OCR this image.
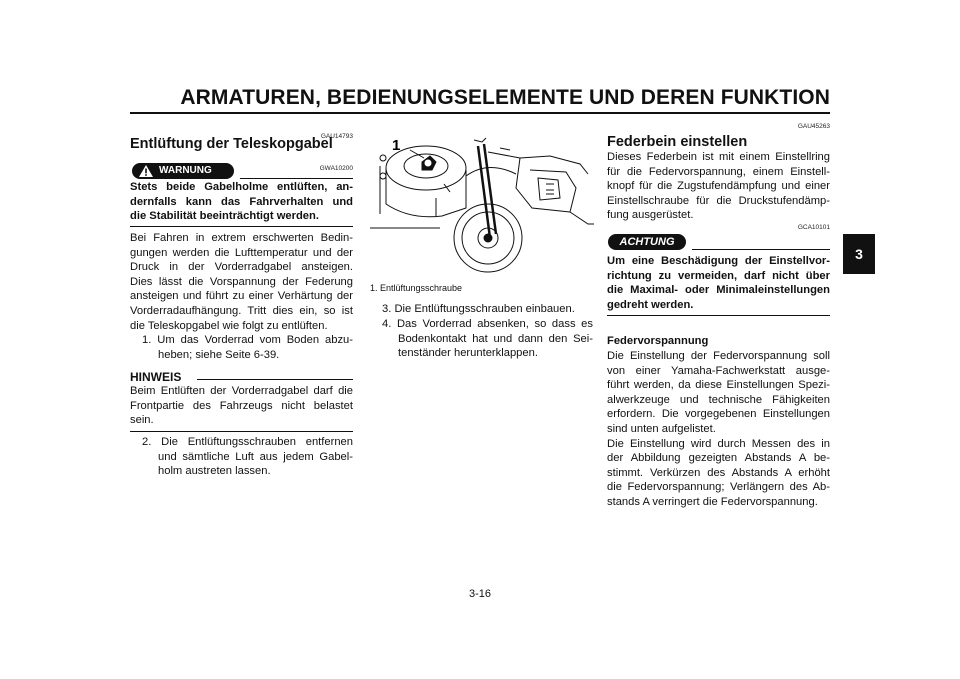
ARMATUREN, BEDIENUNGSELEMENTE UND DEREN FUNKTION
3
GAU14793
Entlüftung der Teleskopgabel
WARNUNG	GWA10200
Stets beide Gabelholme entlüften, an-
dernfalls kann das Fahrverhalten und
die Stabilität beeinträchtigt werden.
Bei Fahren in extrem erschwerten Bedin-
gungen werden die Lufttemperatur und der
Druck in der Vorderradgabel ansteigen.
Dies lässt die Vorspannung der Federung
ansteigen und führt zu einer Verhärtung der
Vorderradaufhängung. Tritt dies ein, so ist
die Teleskopgabel wie folgt zu entlüften.
1. Um das Vorderrad vom Boden abzu-
heben; siehe Seite 6-39.
HINWEIS
Beim Entlüften der Vorderradgabel darf die
Frontpartie des Fahrzeugs nicht belastet
sein.
2. Die Entlüftungsschrauben entfernen
und sämtliche Luft aus jedem Gabel-
holm austreten lassen.
1
1. Entlüftungsschraube
3. Die Entlüftungsschrauben einbauen.
4. Das Vorderrad absenken, so dass es
Bodenkontakt hat und dann den Sei-
tenständer herunterklappen.
GAU45263
Federbein einstellen
Dieses Federbein ist mit einem Einstellring
für die Federvorspannung, einem Einstell-
knopf für die Zugstufendämpfung und einer
Einstellschraube für die Druckstufendämp-
fung ausgerüstet.
GCA10101
ACHTUNG
Um eine Beschädigung der Einstellvor-
richtung zu vermeiden, darf nicht über
die Maximal- oder Minimaleinstellungen
gedreht werden.
Federvorspannung
Die Einstellung der Federvorspannung soll
von einer Yamaha-Fachwerkstatt ausge-
führt werden, da diese Einstellungen Spezi-
alwerkzeuge und technische Fähigkeiten
erfordern. Die vorgegebenen Einstellungen
sind unten aufgelistet.
Die Einstellung wird durch Messen des in
der Abbildung gezeigten Abstands A be-
stimmt. Verkürzen des Abstands A erhöht
die Federvorspannung; Verlängern des Ab-
stands A verringert die Federvorspannung.
3-16
